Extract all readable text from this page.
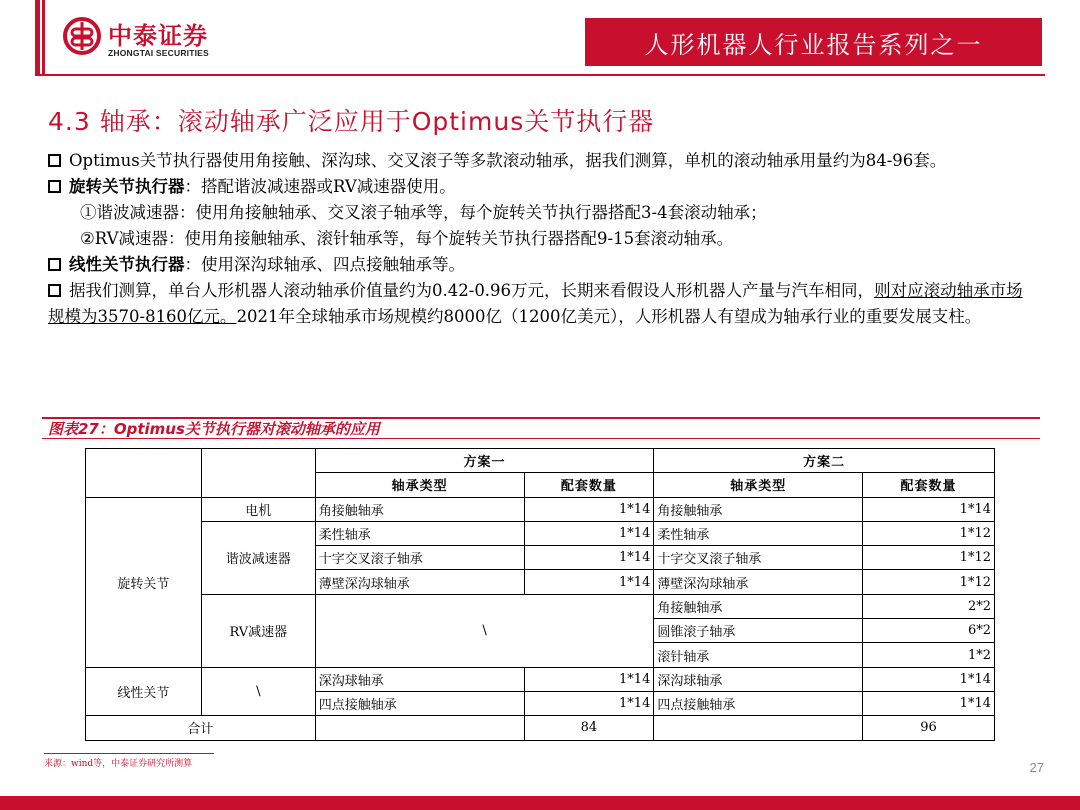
中泰证券
ZHONGTAI SECURITIES	人形机器人行业报告系列之一
4.3 轴承：滚动轴承广泛应用于Optimus关节执行器
Optimus关节执行器使用角接触、深沟球、交叉滚子等多款滚动轴承，据我们测算，单机的滚动轴承用量约为84-96套。
旋转关节执行器：搭配谐波减速器或RV减速器使用。
①谐波减速器：使用角接触轴承、交叉滚子轴承等，每个旋转关节执行器搭配3-4套滚动轴承；
②RV减速器：使用角接触轴承、滚针轴承等，每个旋转关节执行器搭配9-15套滚动轴承。
线性关节执行器：使用深沟球轴承、四点接触轴承等。
据我们测算，单台人形机器人滚动轴承价值量约为0.42-0.96万元，长期来看假设人形机器人产量与汽车相同，则对应滚动轴承市场规模为3570-8160亿元。2021年全球轴承市场规模约8000亿（1200亿美元），人形机器人有望成为轴承行业的重要发展支柱。
图表27：Optimus关节执行器对滚动轴承的应用
		方案一		方案二	
		轴承类型	配套数量	轴承类型	配套数量
旋转关节	电机	角接触轴承	1*14	角接触轴承	1*14
	谐波减速器	柔性轴承	1*14	柔性轴承	1*12
		十字交叉滚子轴承	1*14	十字交叉滚子轴承	1*12
		薄壁深沟球轴承	1*14	薄壁深沟球轴承	1*12
	RV减速器	\		角接触轴承	2*2
				圆锥滚子轴承	6*2
				滚针轴承	1*2
线性关节	\	深沟球轴承	1*14	深沟球轴承	1*14
		四点接触轴承	1*14	四点接触轴承	1*14
合计			84		96
来源：wind等，中泰证券研究所测算	27
